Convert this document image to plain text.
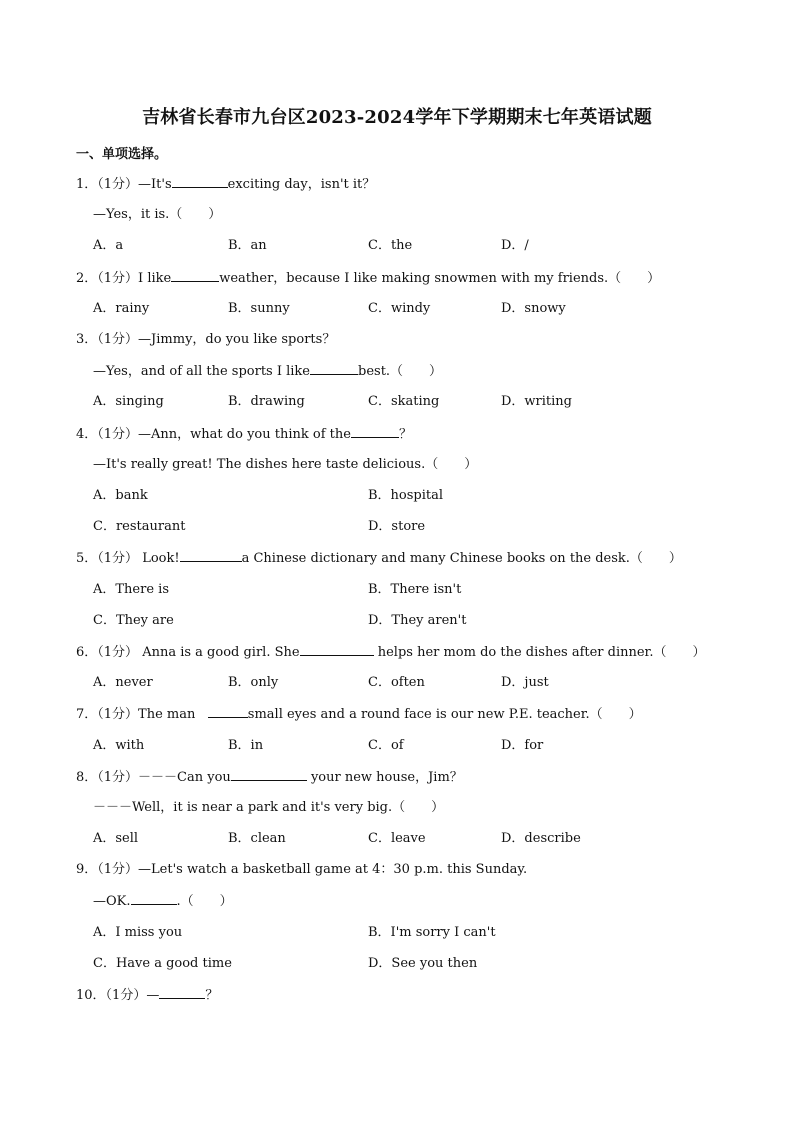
吉林省长春市九台区2023-2024学年下学期期末七年英语试题
一、单项选择。
1．（1分）—It's	exciting day，isn't it？
—Yes，it is.（　　）
A．a	B．an	C．the	D．/
2．（1分）I like	weather，because I like making snowmen with my friends.（　　）
A．rainy	B．sunny	C．windy	D．snowy
3．（1分）—Jimmy，do you like sports？
—Yes，and of all the sports I like	best.（　　）
A．singing	B．drawing	C．skating	D．writing
4．（1分）—Ann，what do you think of the	？
—It's really great! The dishes here taste delicious.（　　）
A．bank	B．hospital
C．restaurant	D．store
5．（1分） Look!	a Chinese dictionary and many Chinese books on the desk.（　　）
A．There is	B．There isn't
C．They are	D．They aren't
6．（1分） Anna is a good girl. She	helps her mom do the dishes after dinner.（　　）
A．never	B．only	C．often	D．just
7．（1分）The man	small eyes and a round face is our new P.E. teacher.（　　）
A．with	B．in	C．of	D．for
8．（1分）－－－Can you	your new house，Jim？
－－－Well，it is near a park and it's very big.（　　）
A．sell	B．clean	C．leave	D．describe
9．（1分）—Let's watch a basketball game at 4：30 p.m. this Sunday.
—OK.	.（　　）
A．I miss you	B．I'm sorry I can't
C．Have a good time	D．See you then
10．（1分）—	？
